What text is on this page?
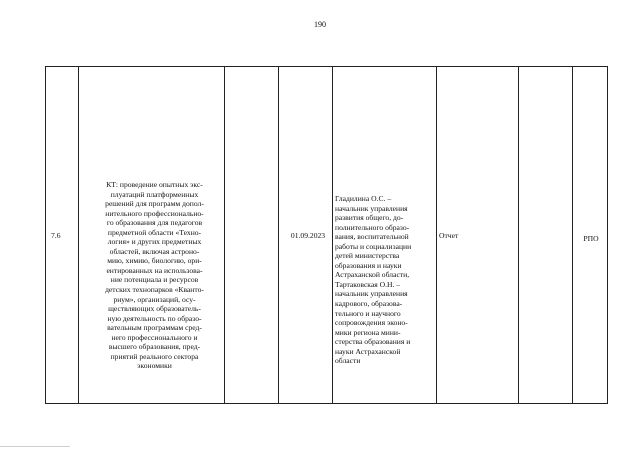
190
7.6
КТ: проведение опытных экс-
плуатаций платформенных
решений для программ допол-
нительного профессионально-
го образования для педагогов
предметной области «Техно-
логия» и других предметных
областей, включая астроно-
мию, химию, биологию, ори-
ентированных на использова-
ние потенциала и ресурсов
детских технопарков «Кванто-
риум», организаций, осу-
ществляющих образователь-
ную деятельность по образо-
вательным программам сред-
него профессионального и
высшего образования, пред-
приятий реального сектора
экономики
01.09.2023
Гладилина О.С. –
начальник управления
развития общего, до-
полнительного образо-
вания, воспитательной
работы и социализации
детей министерства
образования и науки
Астраханской области,
Тартаковская О.Н. –
начальник управления
кадрового, образова-
тельного и научного
сопровождения эконо-
мики региона мини-
стерства образования и
науки Астраханской
области
Отчет	РПО
